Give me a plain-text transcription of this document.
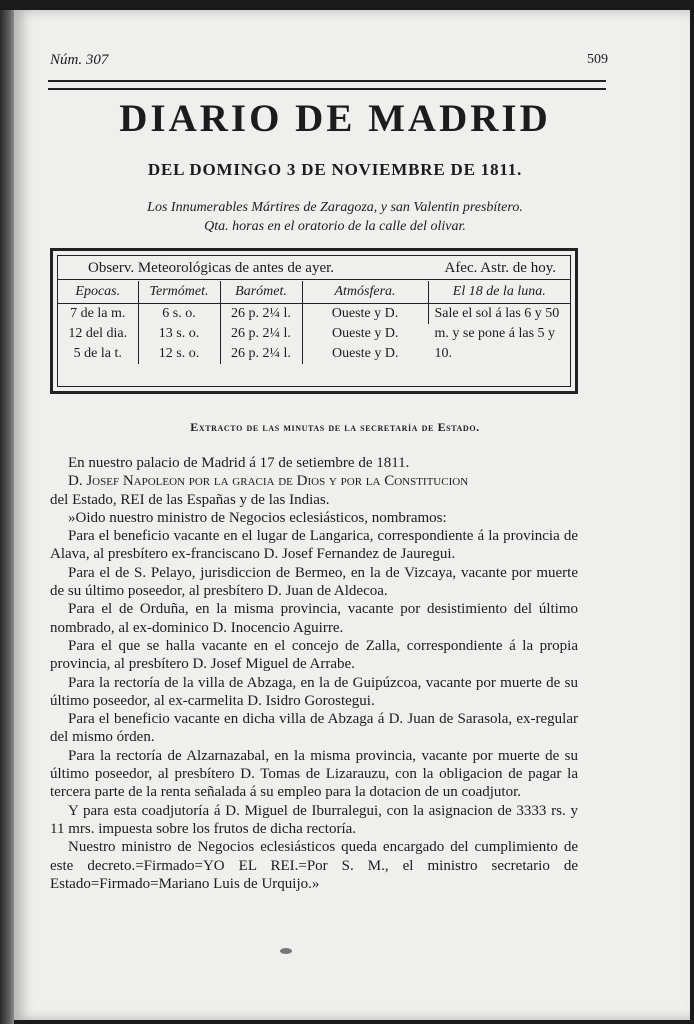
Núm. 307	509
DIARIO DE MADRID
DEL DOMINGO 3 DE NOVIEMBRE DE 1811.
Los Innumerables Mártires de Zaragoza, y san Valentin presbítero.
Qta. horas en el oratorio de la calle del olivar.
Observ. Meteorológicas de antes de ayer.	Afec. Astr. de hoy.
Epocas.	Termómet.	Barómet.	Atmósfera.	El 18 de la luna.
7 de la m.	6 s. o.	26 p. 2¼ l.	Oueste y D.	Sale el sol á las 6 y 50 m. y se pone á las 5 y 10.
12 del dia.	13 s. o.	26 p. 2¼ l.	Oueste y D.	
5 de la t.	12 s. o.	26 p. 2¼ l.	Oueste y D.	
Extracto de las minutas de la secretaría de Estado.

En nuestro palacio de Madrid á 17 de setiembre de 1811.

D. Josef Napoleon por la gracia de Dios y por la Constitucion

del Estado, REI de las Españas y de las Indias.

»Oido nuestro ministro de Negocios eclesiásticos, nombramos:

Para el beneficio vacante en el lugar de Langarica, correspondiente á la provincia de Alava, al presbítero ex-franciscano D. Josef Fernandez de Jauregui.

Para el de S. Pelayo, jurisdiccion de Bermeo, en la de Vizcaya, vacante por muerte de su último poseedor, al presbítero D. Juan de Aldecoa.

Para el de Orduña, en la misma provincia, vacante por desistimiento del último nombrado, al ex-dominico D. Inocencio Aguirre.

Para el que se halla vacante en el concejo de Zalla, correspondiente á la propia provincia, al presbítero D. Josef Miguel de Arrabe.

Para la rectoría de la villa de Abzaga, en la de Guipúzcoa, vacante por muerte de su último poseedor, al ex-carmelita D. Isidro Gorostegui.

Para el beneficio vacante en dicha villa de Abzaga á D. Juan de Sarasola, ex-regular del mismo órden.

Para la rectoría de Alzarnazabal, en la misma provincia, vacante por muerte de su último poseedor, al presbítero D. Tomas de Lizarauzu, con la obligacion de pagar la tercera parte de la renta señalada á su empleo para la dotacion de un coadjutor.

Y para esta coadjutoría á D. Miguel de Iburralegui, con la asignacion de 3333 rs. y 11 mrs. impuesta sobre los frutos de dicha rectoría.

Nuestro ministro de Negocios eclesiásticos queda encargado del cumplimiento de este decreto.=Firmado=YO EL REI.=Por S. M., el ministro secretario de Estado=Firmado=Mariano Luis de Urquijo.»
